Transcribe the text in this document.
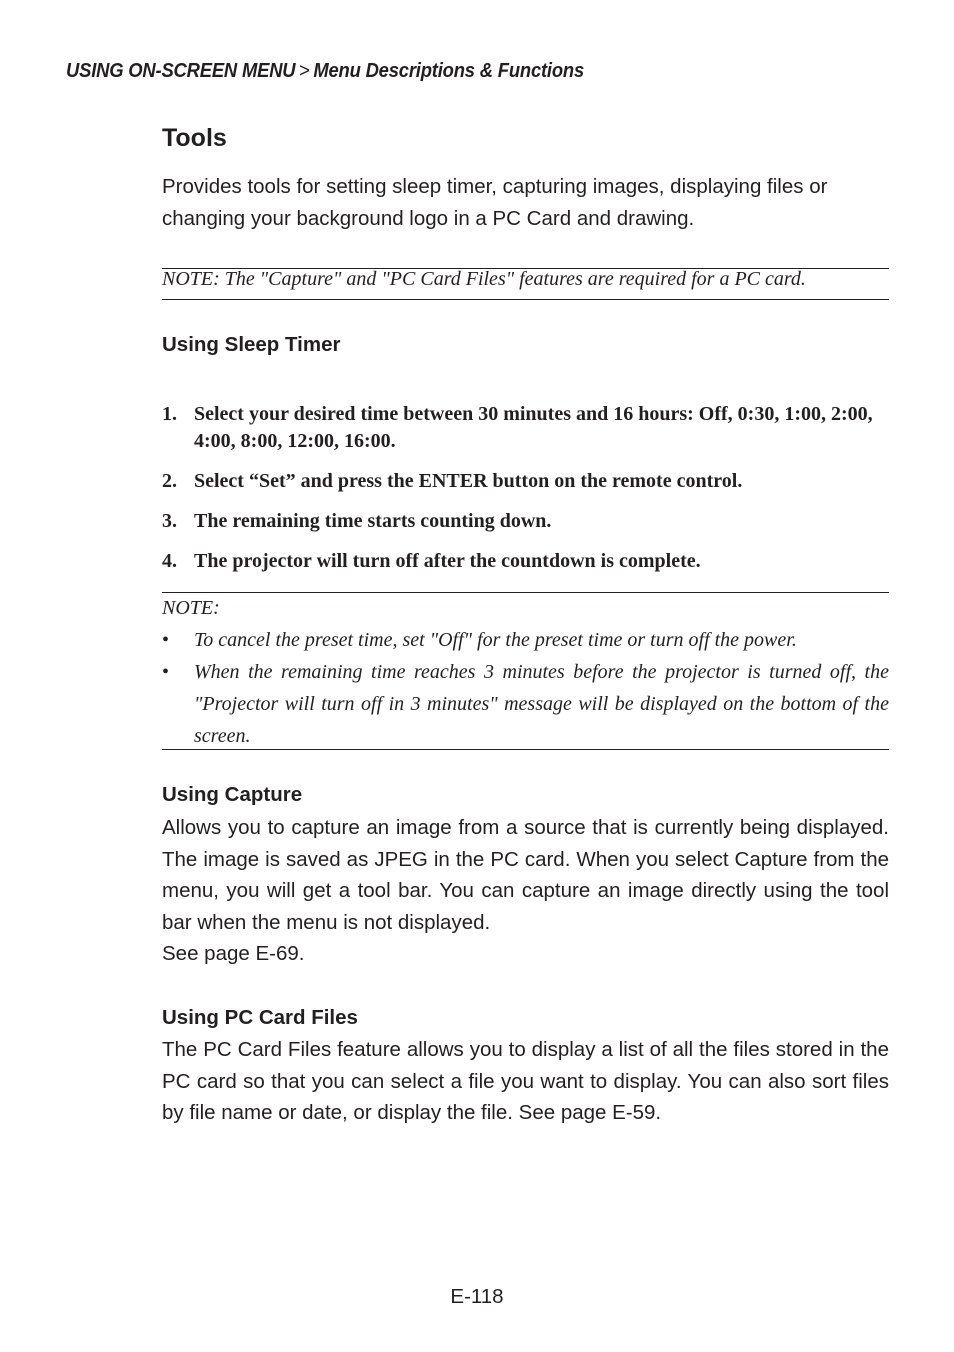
USING ON-SCREEN MENU > Menu Descriptions & Functions
Tools

Provides tools for setting sleep timer, capturing images, displaying files or changing your background logo in a PC Card and drawing.

NOTE: The "Capture" and "PC Card Files" features are required for a PC card.

Using Sleep Timer
1. Select your desired time between 30 minutes and 16 hours: Off, 0:30, 1:00, 2:00, 4:00, 8:00, 12:00, 16:00.
2. Select “Set” and press the ENTER button on the remote control.
3. The remaining time starts counting down.
4. The projector will turn off after the countdown is complete.
NOTE:
• To cancel the preset time, set "Off" for the preset time or turn off the power.
• When the remaining time reaches 3 minutes before the projector is turned off, the "Projector will turn off in 3 minutes" message will be displayed on the bottom of the screen.
Using Capture

Allows you to capture an image from a source that is currently being displayed. The image is saved as JPEG in the PC card. When you select Capture from the menu, you will get a tool bar. You can capture an image directly using the tool bar when the menu is not displayed.

See page E-69.

Using PC Card Files

The PC Card Files feature allows you to display a list of all the files stored in the PC card so that you can select a file you want to display. You can also sort files by file name or date, or display the file. See page E-59.

E-118
